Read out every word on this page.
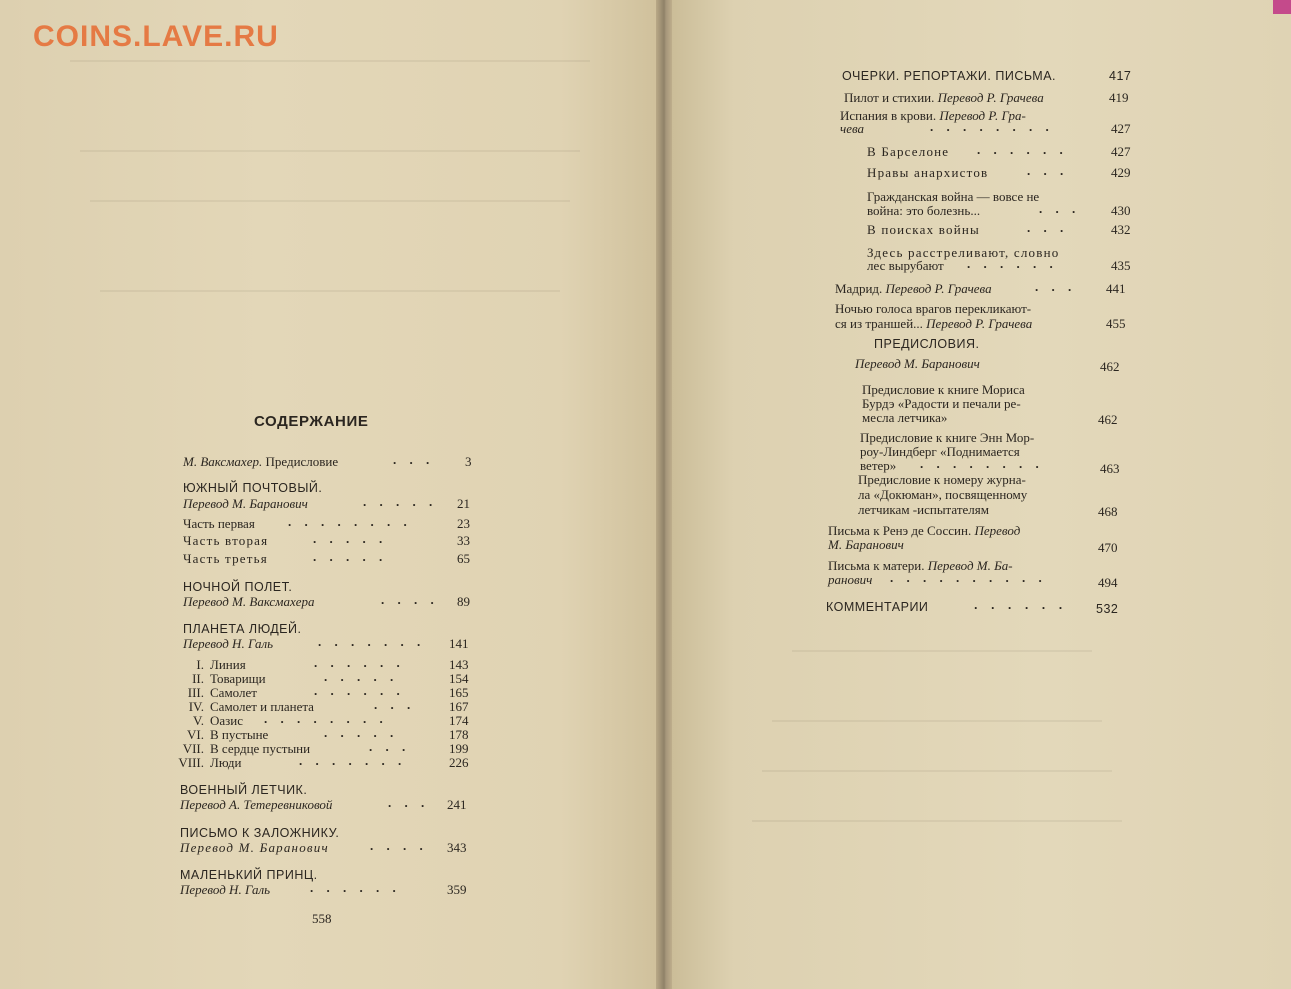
СОДЕРЖАНИЕ
М. Ваксмахер. Предисловие	. . . 3
ЮЖНЫЙ ПОЧТОВЫЙ.
Перевод М. Баранович	. . . . . 21
Часть первая	. . . . . . . .	23
Часть вторая	. . . . .	33
Часть третья	. . . . .	65
НОЧНОЙ ПОЛЕТ.
Перевод М. Ваксмахера	. . . . 89
ПЛАНЕТА ЛЮДЕЙ.
Перевод Н. Галь	. . . . . . . 141
I. Линия	. . . . . .	143
II. Товарищи	. . . . .	154
III. Самолет	. . . . . .	165
IV. Самолет и планета	. . .	167
V. Оазис . . . . . . . .	174
VI. В пустыне	. . . . .	178
VII. В сердце пустыни	. . .	199
VIII. Люди	. . . . . . .	226
ВОЕННЫЙ ЛЕТЧИК.
Перевод А. Тетеревниковой	. . . 241
ПИСЬМО К ЗАЛОЖНИКУ.
Перевод М. Баранович	. . . . 343
МАЛЕНЬКИЙ ПРИНЦ.
Перевод Н. Галь	. . . . . .	359
558
ОЧЕРКИ. РЕПОРТАЖИ. ПИСЬМА.	417
Пилот и стихии. Перевод Р. Грачева	419
Испания в крови. Перевод Р. Гра-
чева	. . . . . . . .	427
В Барселоне . . . . . .	427
Нравы анархистов	. . .	429
Гражданская война — вовсе не
война: это болезнь...	. . . 430
В поисках войны	. . .	432
Здесь расстреливают, словно
лес вырубают . . . . . .	435
Мадрид. Перевод Р. Грачева	. . . 441
Ночью голоса врагов перекликают-
ся из траншей... Перевод Р. Грачева	455
ПРЕДИСЛОВИЯ.
Перевод М. Баранович	462
Предисловие к книге Мориса
Бурдэ «Радости и печали ре-
месла летчика»	462
Предисловие к книге Энн Мор-
роу-Линдберг «Поднимается
ветер» . . . . . . . .	463
Предисловие к номеру журна-
ла «Докюман», посвященному
летчикам -испытателям	468
Письма к Ренэ де Соссин. Перевод
М. Баранович	470
Письма к матери. Перевод М. Ба-
ранович . . . . . . . . . .	494
КОММЕНТАРИИ	. . . . . . 532
COINS.LAVE.RU
